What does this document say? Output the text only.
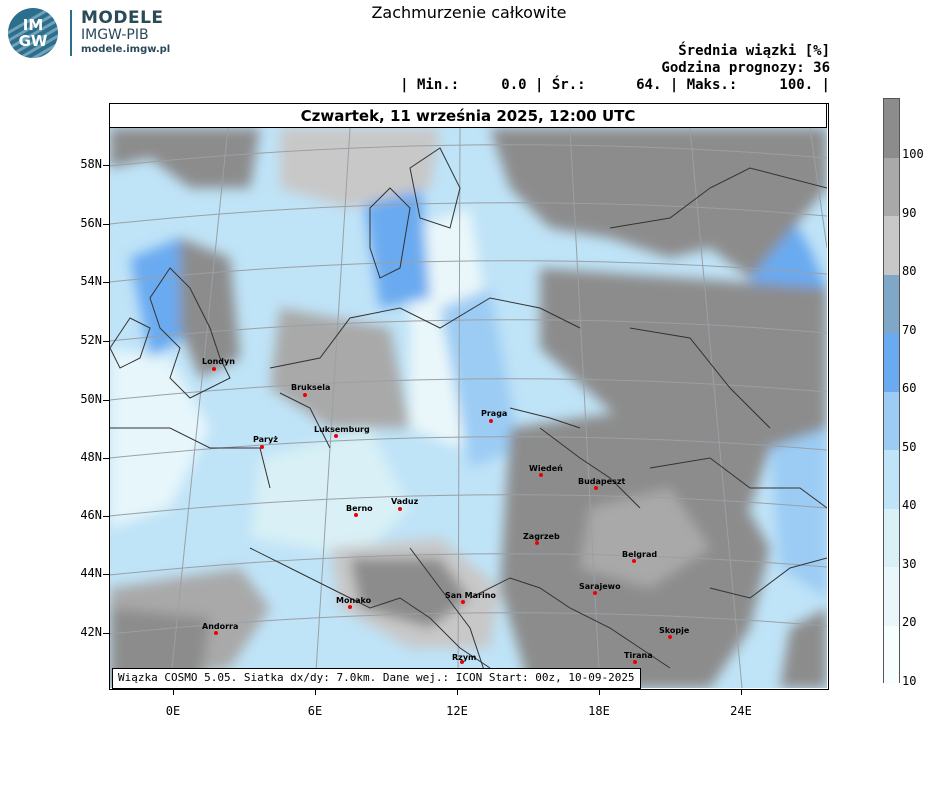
IM
GW
MODELE
IMGW-PIB
modele.imgw.pl
Zachmurzenie całkowite
Średnia wiązki [%]
Godzina prognozy: 36
| Min.:     0.0 | Śr.:      64. | Maks.:     100. |
Czwartek, 11 września 2025, 12:00 UTC
Wiązka COSMO 5.05. Siatka dx/dy: 7.0km. Dane wej.: ICON Start: 00z, 10-09-2025
Londyn
Bruksela
Paryż
Luksemburg
Praga
Wiedeń
Budapeszt
Berno
Vaduz
Zagrzeb
Belgrad
Sarajewo
Monako
San Marino
Andorra	Skopje
Tirana
Rzym
58N
56N
54N
52N
50N
48N
46N
44N
42N
0E	6E	12E	18E	24E
100
90
80
70
60
50
40
30
20
10
